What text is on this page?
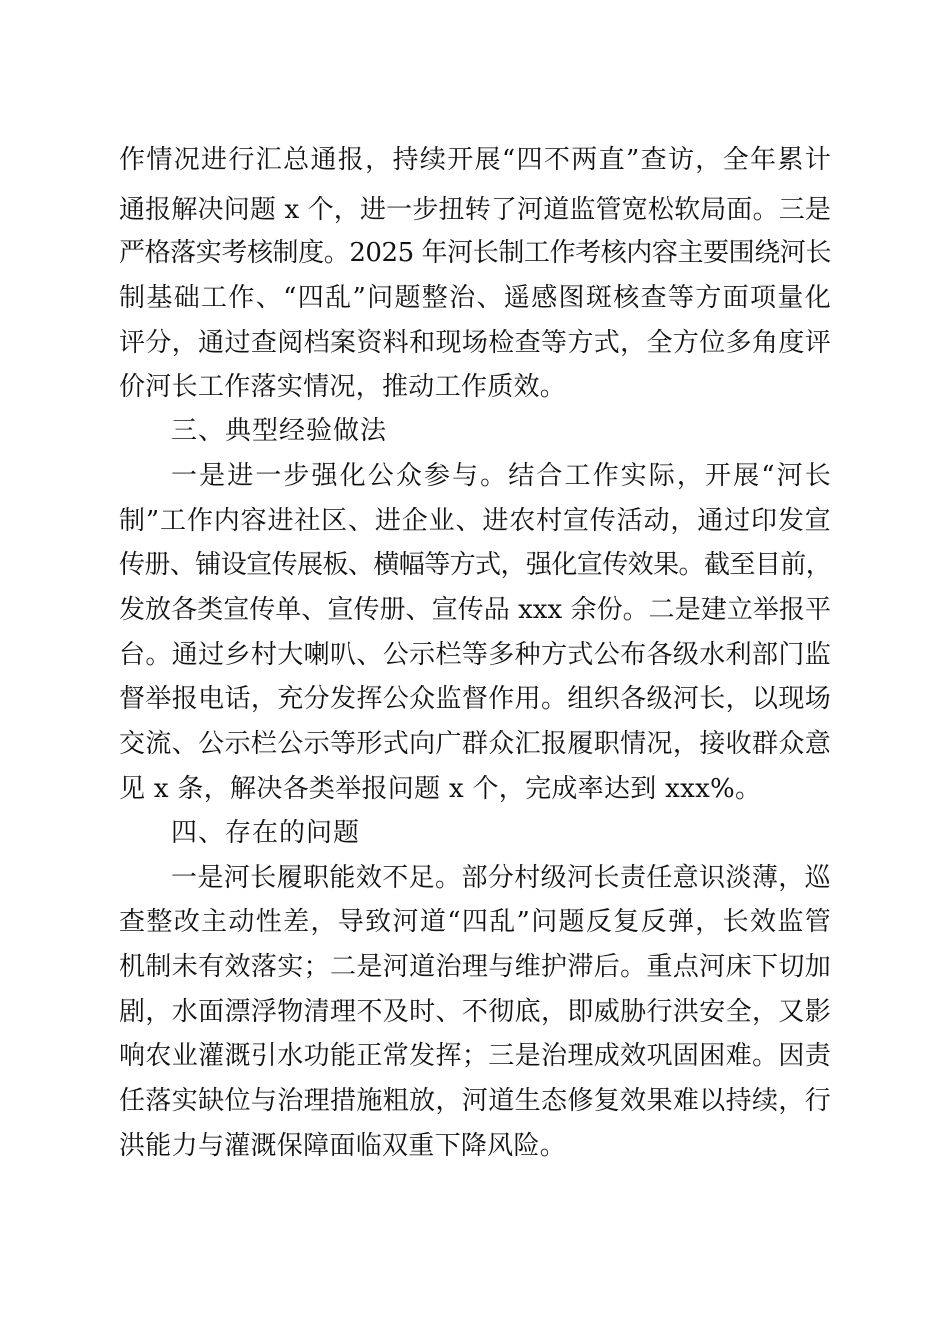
作情况进行汇总通报，持续开展“四不两直”查访，全年累计
通报解决问题 x 个，进一步扭转了河道监管宽松软局面。三是
严格落实考核制度。2025 年河长制工作考核内容主要围绕河长
制基础工作、“四乱”问题整治、遥感图斑核查等方面项量化
评分，通过查阅档案资料和现场检查等方式，全方位多角度评
价河长工作落实情况，推动工作质效。
三、典型经验做法
一是进一步强化公众参与。结合工作实际，开展“河长
制”工作内容进社区、进企业、进农村宣传活动，通过印发宣
传册、铺设宣传展板、横幅等方式，强化宣传效果。截至目前，
发放各类宣传单、宣传册、宣传品 xxx 余份。二是建立举报平
台。通过乡村大喇叭、公示栏等多种方式公布各级水利部门监
督举报电话，充分发挥公众监督作用。组织各级河长，以现场
交流、公示栏公示等形式向广群众汇报履职情况，接收群众意
见 x 条，解决各类举报问题 x 个，完成率达到 xxx%。
四、存在的问题
一是河长履职能效不足。部分村级河长责任意识淡薄，巡
查整改主动性差，导致河道“四乱”问题反复反弹，长效监管
机制未有效落实；二是河道治理与维护滞后。重点河床下切加
剧，水面漂浮物清理不及时、不彻底，即威胁行洪安全，又影
响农业灌溉引水功能正常发挥；三是治理成效巩固困难。因责
任落实缺位与治理措施粗放，河道生态修复效果难以持续，行
洪能力与灌溉保障面临双重下降风险。
